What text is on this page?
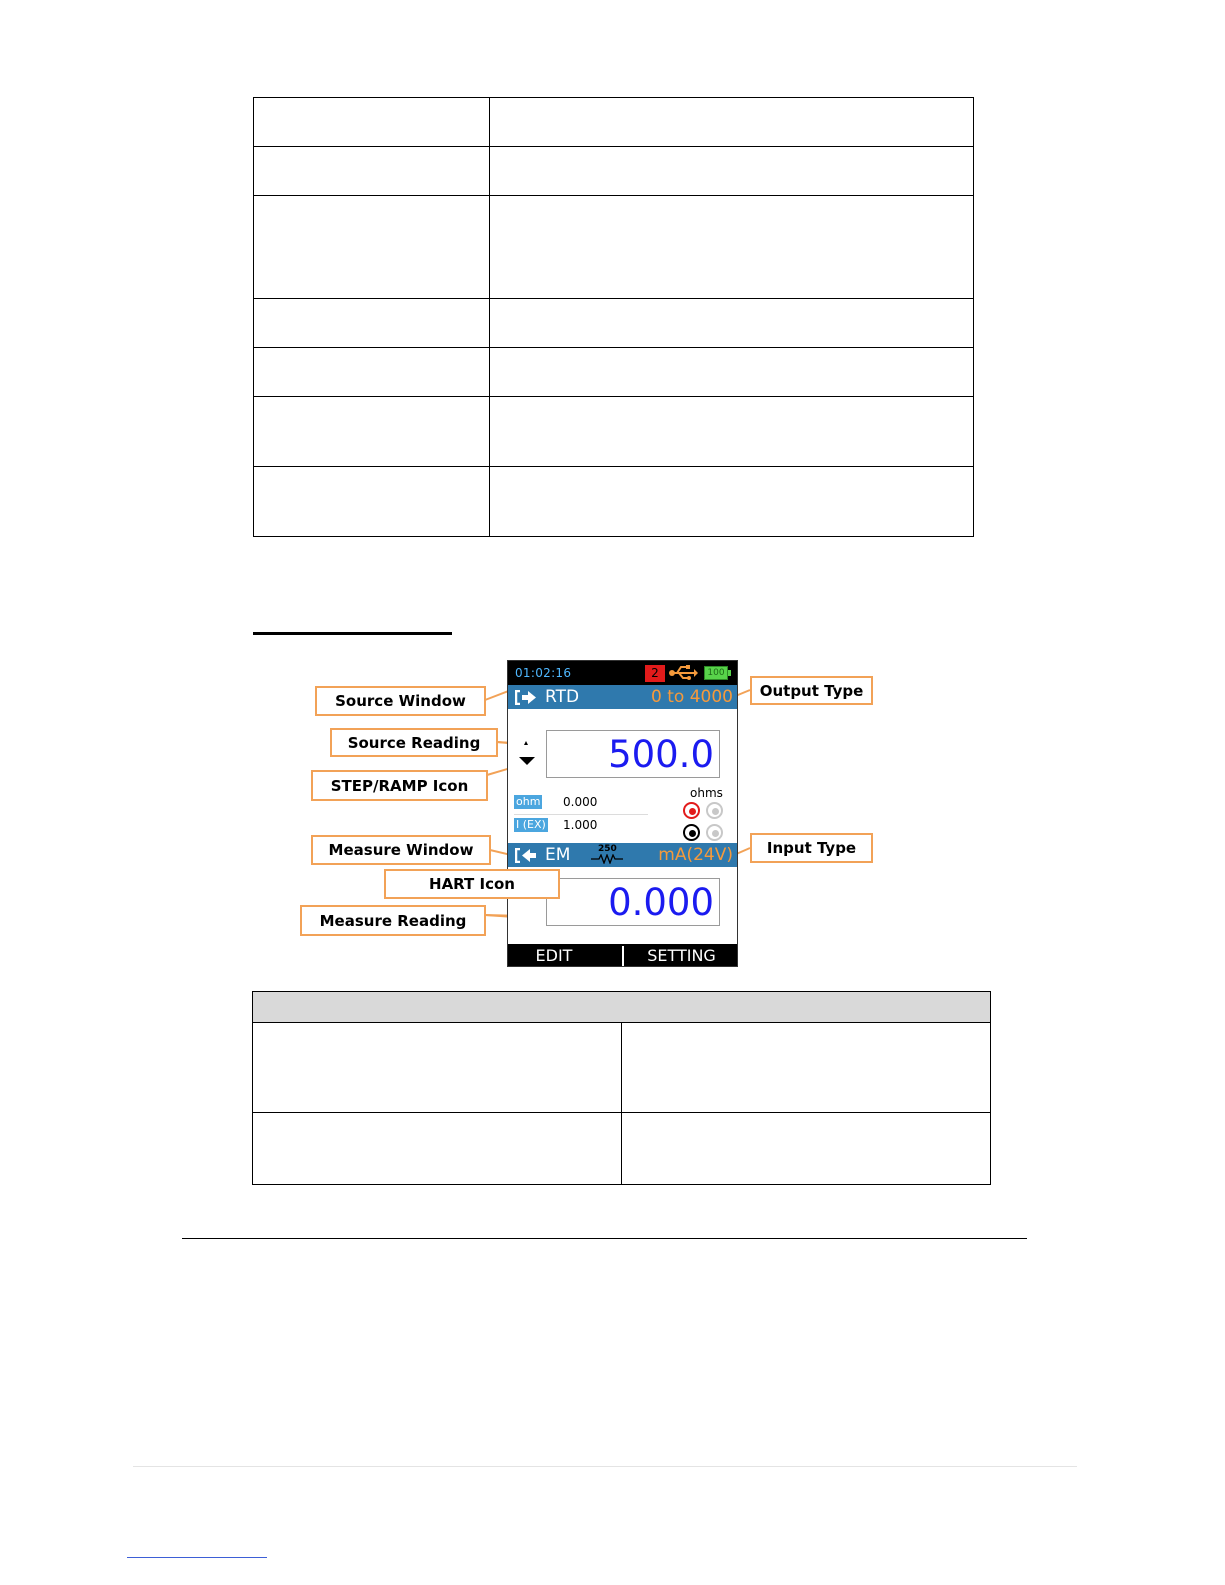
01:02:16	2	100
RTD	0 to 4000
500.0
ohms
ohm 0.000
I (EX) 1.000
EM	250 mA(24V)
0.000
EDIT	SETTING
Source Window
Source Reading
STEP/RAMP Icon
Output Type
Measure Window	Input Type
HART Icon
Measure Reading
